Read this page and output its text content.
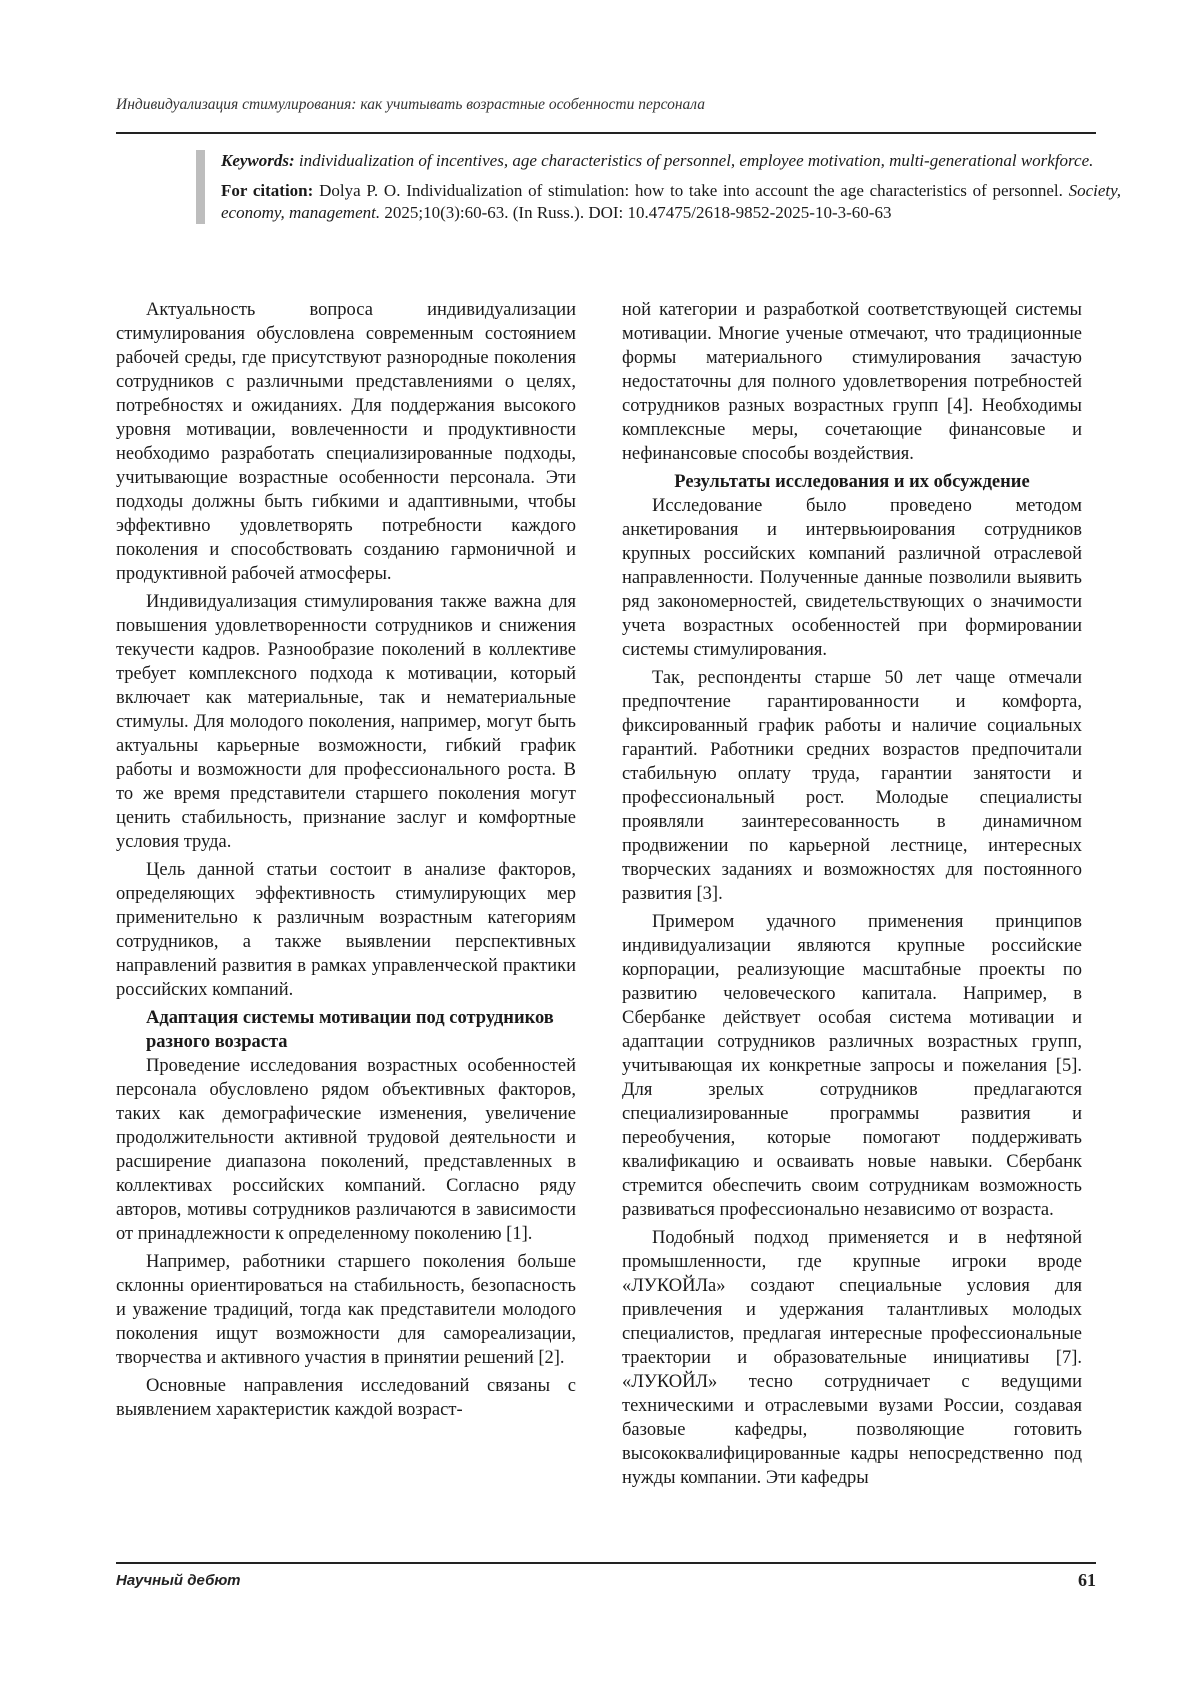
Индивидуализация стимулирования: как учитывать возрастные особенности персонала

Keywords: individualization of incentives, age characteristics of personnel, employee motivation, multi-generational workforce.

For citation: Dolya P. O. Individualization of stimulation: how to take into account the age characteristics of personnel. Society, economy, management. 2025;10(3):60-63. (In Russ.). DOI: 10.47475/2618-9852-2025-10-3-60-63

Актуальность вопроса индивидуализации стимулирования обусловлена современным состоянием рабочей среды, где присутствуют разнородные поколения сотрудников с различными представлениями о целях, потребностях и ожиданиях. Для поддержания высокого уровня мотивации, вовлеченности и продуктивности необходимо разработать специализированные подходы, учитывающие возрастные особенности персонала. Эти подходы должны быть гибкими и адаптивными, чтобы эффективно удовлетворять потребности каждого поколения и способствовать созданию гармоничной и продуктивной рабочей атмосферы.

Индивидуализация стимулирования также важна для повышения удовлетворенности сотрудников и снижения текучести кадров. Разнообразие поколений в коллективе требует комплексного подхода к мотивации, который включает как материальные, так и нематериальные стимулы. Для молодого поколения, например, могут быть актуальны карьерные возможности, гибкий график работы и возможности для профессионального роста. В то же время представители старшего поколения могут ценить стабильность, признание заслуг и комфортные условия труда.

Цель данной статьи состоит в анализе факторов, определяющих эффективность стимулирующих мер применительно к различным возрастным категориям сотрудников, а также выявлении перспективных направлений развития в рамках управленческой практики российских компаний.

Адаптация системы мотивации под сотрудников разного возраста

Проведение исследования возрастных особенностей персонала обусловлено рядом объективных факторов, таких как демографические изменения, увеличение продолжительности активной трудовой деятельности и расширение диапазона поколений, представленных в коллективах российских компаний. Согласно ряду авторов, мотивы сотрудников различаются в зависимости от принадлежности к определенному поколению [1].

Например, работники старшего поколения больше склонны ориентироваться на стабильность, безопасность и уважение традиций, тогда как представители молодого поколения ищут возможности для самореализации, творчества и активного участия в принятии решений [2].

Основные направления исследований связаны с выявлением характеристик каждой возраст-

ной категории и разработкой соответствующей системы мотивации. Многие ученые отмечают, что традиционные формы материального стимулирования зачастую недостаточны для полного удовлетворения потребностей сотрудников разных возрастных групп [4]. Необходимы комплексные меры, сочетающие финансовые и нефинансовые способы воздействия.

Результаты исследования и их обсуждение

Исследование было проведено методом анкетирования и интервьюирования сотрудников крупных российских компаний различной отраслевой направленности. Полученные данные позволили выявить ряд закономерностей, свидетельствующих о значимости учета возрастных особенностей при формировании системы стимулирования.

Так, респонденты старше 50 лет чаще отмечали предпочтение гарантированности и комфорта, фиксированный график работы и наличие социальных гарантий. Работники средних возрастов предпочитали стабильную оплату труда, гарантии занятости и профессиональный рост. Молодые специалисты проявляли заинтересованность в динамичном продвижении по карьерной лестнице, интересных творческих заданиях и возможностях для постоянного развития [3].

Примером удачного применения принципов индивидуализации являются крупные российские корпорации, реализующие масштабные проекты по развитию человеческого капитала. Например, в Сбербанке действует особая система мотивации и адаптации сотрудников различных возрастных групп, учитывающая их конкретные запросы и пожелания [5]. Для зрелых сотрудников предлагаются специализированные программы развития и переобучения, которые помогают поддерживать квалификацию и осваивать новые навыки. Сбербанк стремится обеспечить своим сотрудникам возможность развиваться профессионально независимо от возраста.

Подобный подход применяется и в нефтяной промышленности, где крупные игроки вроде «ЛУКОЙЛа» создают специальные условия для привлечения и удержания талантливых молодых специалистов, предлагая интересные профессиональные траектории и образовательные инициативы [7]. «ЛУКОЙЛ» тесно сотрудничает с ведущими техническими и отраслевыми вузами России, создавая базовые кафедры, позволяющие готовить высококвалифицированные кадры непосредственно под нужды компании. Эти кафедры

Научный дебют	61
